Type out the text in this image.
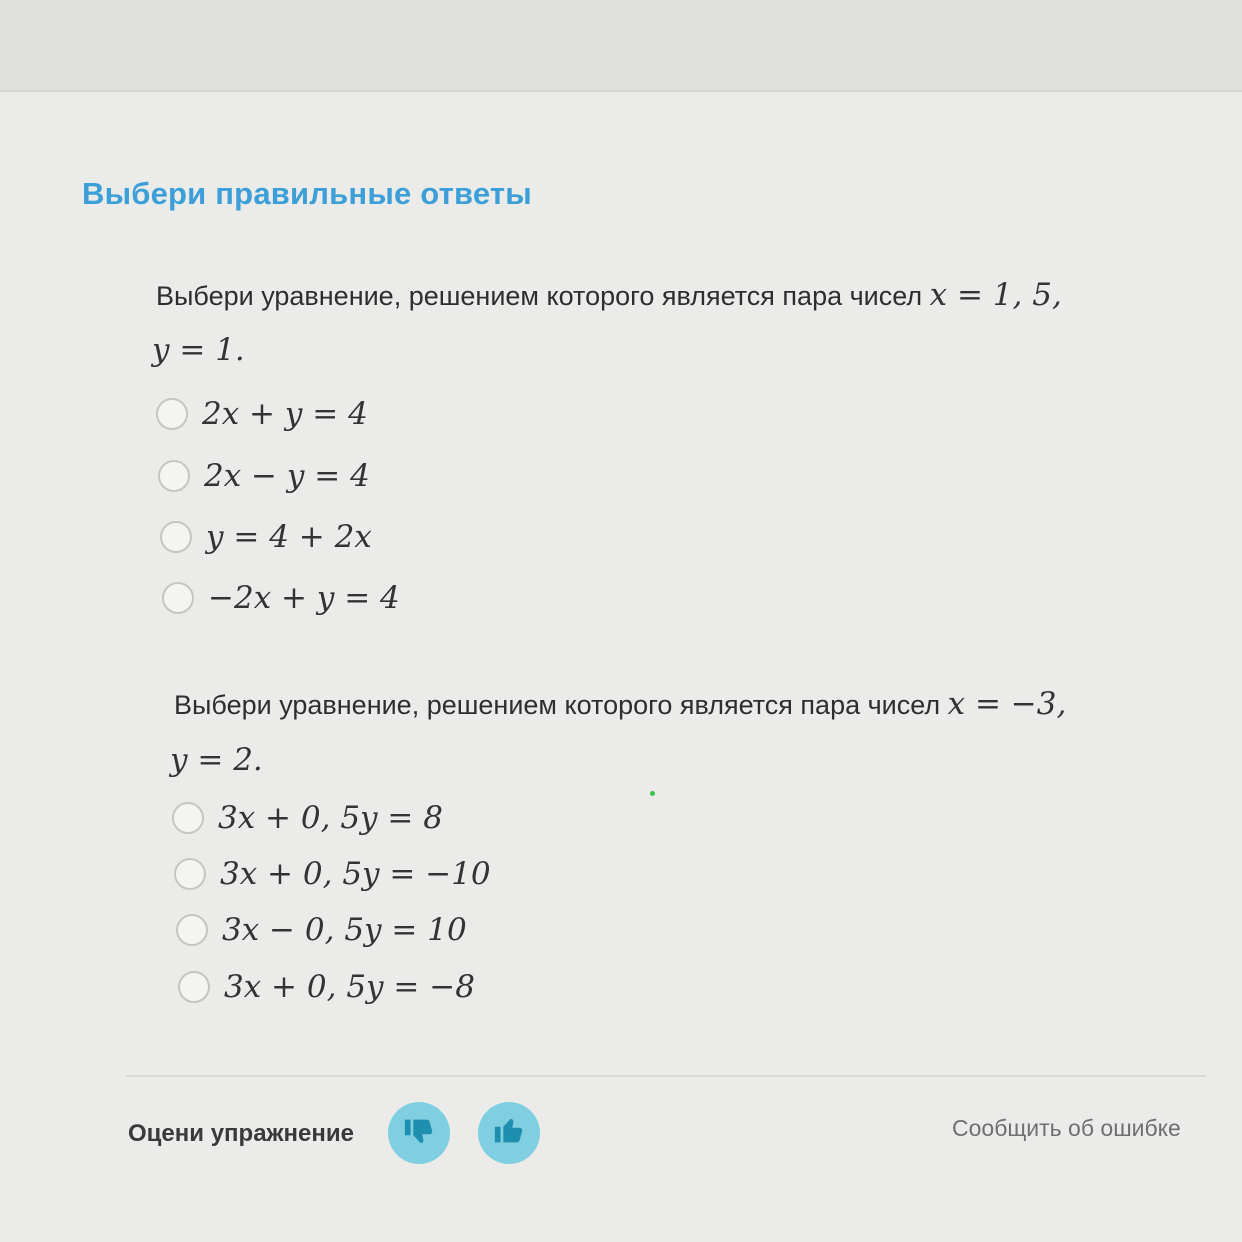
Выбери правильные ответы
Выбери уравнение, решением которого является пара чисел x = 1, 5,
y = 1.
2x + y = 4
2x − y = 4
y = 4 + 2x
−2x + y = 4
Выбери уравнение, решением которого является пара чисел x = −3,
y = 2.
3x + 0, 5y = 8
3x + 0, 5y = −10
3x − 0, 5y = 10
3x + 0, 5y = −8
Оцени упражнение	Сообщить об ошибке
